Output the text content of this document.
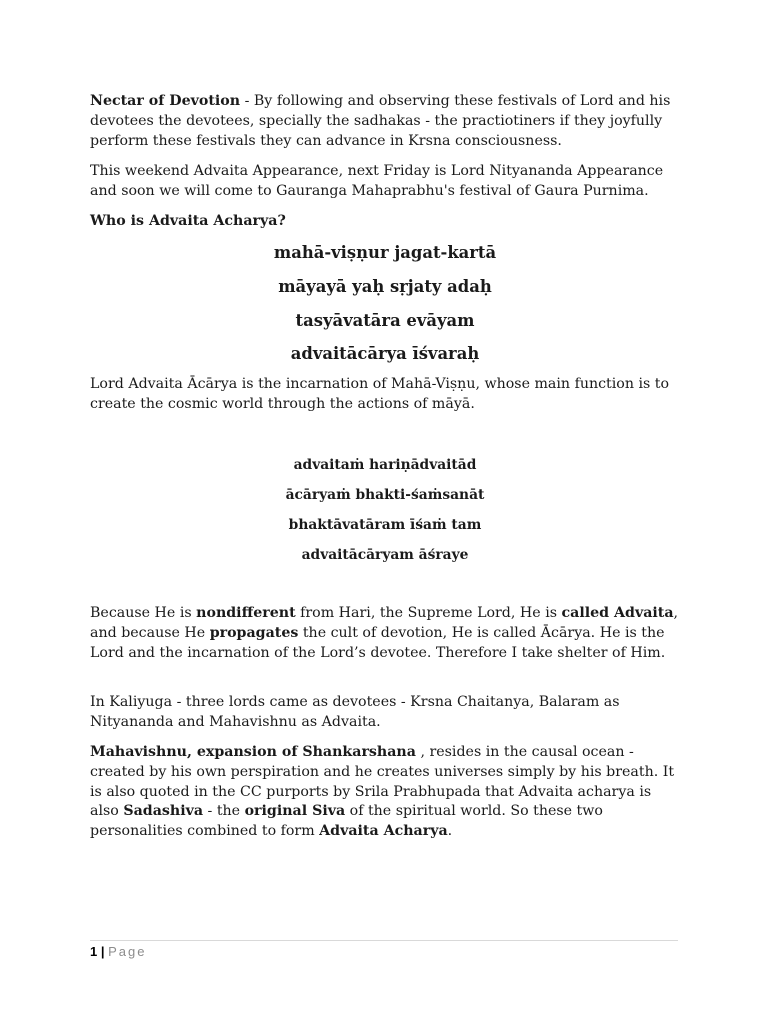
Nectar of Devotion - By following and observing these festivals of Lord and his devotees the devotees, specially the sadhakas - the practiotiners if they joyfully perform these festivals they can advance in Krsna consciousness.

This weekend Advaita Appearance, next Friday is Lord Nityananda Appearance and soon we will come to Gauranga Mahaprabhu's festival of Gaura Purnima.

Who is Advaita Acharya?

mahā-viṣṇur jagat-kartā
māyayā yaḥ sṛjaty adaḥ
tasyāvatāra evāyam
advaitācārya īśvaraḥ

Lord Advaita Ācārya is the incarnation of Mahā-Viṣṇu, whose main function is to create the cosmic world through the actions of māyā.

advaitaṁ hariṇādvaitād
ācāryaṁ bhakti-śaṁsanāt
bhaktāvatāram īśaṁ tam
advaitācāryam āśraye

Because He is nondifferent from Hari, the Supreme Lord, He is called Advaita, and because He propagates the cult of devotion, He is called Ācārya. He is the Lord and the incarnation of the Lord’s devotee. Therefore I take shelter of Him.

In Kaliyuga - three lords came as devotees - Krsna Chaitanya, Balaram as Nityananda and Mahavishnu as Advaita.

Mahavishnu, expansion of Shankarshana , resides in the causal ocean - created by his own perspiration and he creates universes simply by his breath. It is also quoted in the CC purports by Srila Prabhupada that Advaita acharya is also Sadashiva - the original Siva of the spiritual world. So these two personalities combined to form Advaita Acharya.

1 | Page
